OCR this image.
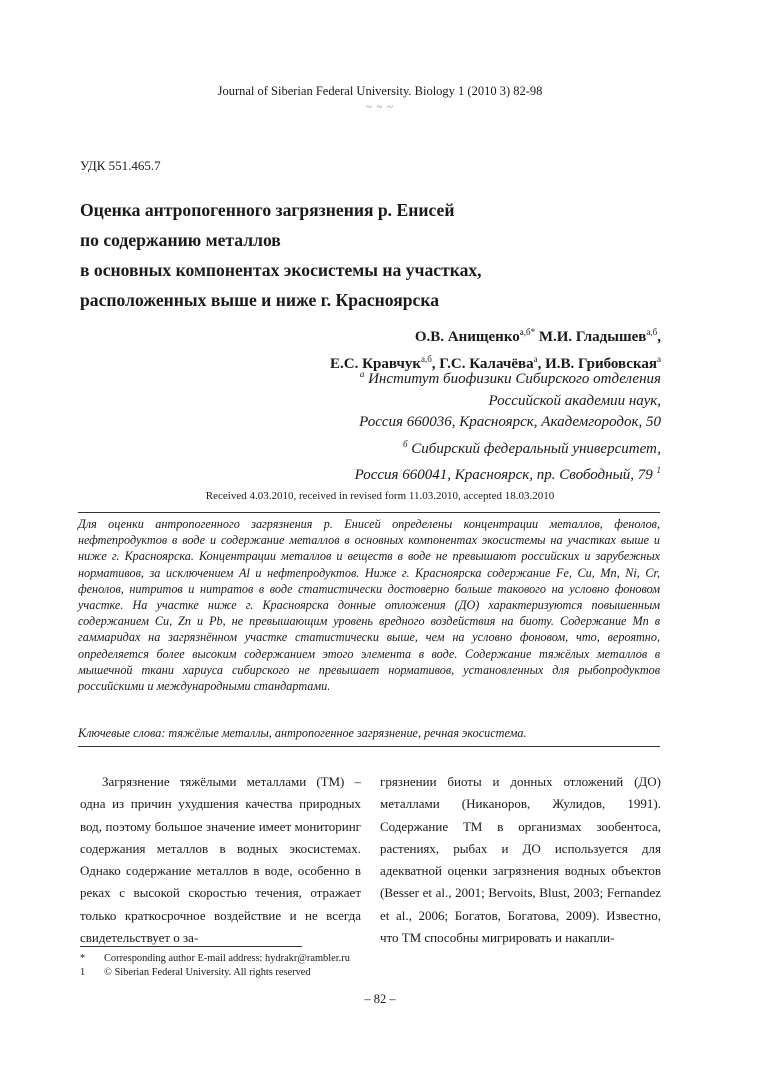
Journal of Siberian Federal University. Biology 1 (2010 3) 82-98
~ ~ ~
УДК 551.465.7
Оценка антропогенного загрязнения р. Енисей
по содержанию металлов
в основных компонентах экосистемы на участках,
расположенных выше и ниже г. Красноярска
О.В. Анищенко$^{а,б*}$ М.И. Гладышев$^{а,б}$,
Е.С. Кравчук$^{а,б}$, Г.С. Калачёва$^а$, И.В. Грибовская$^а$
$^а$ Институт биофизики Сибирского отделения
Российской академии наук,
Россия 660036, Красноярск, Академгородок, 50
$^б$ Сибирский федеральный университет,
Россия 660041, Красноярск, пр. Свободный, 79 $^1$
Received 4.03.2010, received in revised form 11.03.2010, accepted 18.03.2010

Для оценки антропогенного загрязнения р. Енисей определены концентрации металлов, фенолов, нефтепродуктов в воде и содержание металлов в основных компонентах экосистемы на участках выше и ниже г. Красноярска. Концентрации металлов и веществ в воде не превышают российских и зарубежных нормативов, за исключением Al и нефтепродуктов. Ниже г. Красноярска содержание Fe, Cu, Mn, Ni, Cr, фенолов, нитритов и нитратов в воде статистически достоверно больше таковогo на условно фоновом участке. На участке ниже г. Красноярска донные отложения (ДО) характеризуются повышенным содержанием Cu, Zn и Pb, не превышающим уровень вредного воздействия на биоту. Содержание Mn в гаммаридах на загрязнённом участке статистически выше, чем на условно фоновом, что, вероятно, определяется более высоким содержанием этого элемента в воде. Содержание тяжёлых металлов в мышечной ткани хариуса сибирского не превышает нормативов, установленных для рыбопродуктов российскими и международными стандартами.

Ключевые слова: тяжёлые металлы, антропогенное загрязнение, речная экосистема.

Загрязнение тяжёлыми металлами (ТМ) – одна из причин ухудшения качества природных вод, поэтому большое значение имеет мониторинг содержания металлов в водных экосистемах. Однако содержание металлов в воде, особенно в реках с высокой скоростью течения, отражает только краткосрочное воздействие и не всегда свидетельствует о за-

грязнении биоты и донных отложений (ДО) металлами (Никаноров, Жулидов, 1991). Содержание ТМ в организмах зообентоса, растениях, рыбах и ДО используется для адекватной оценки загрязнения водных объектов (Besser et al., 2001; Bervoits, Blust, 2003; Fernandez et al., 2006; Богатов, Богатова, 2009). Известно, что ТМ способны мигрировать и накапли-

*	Corresponding author E-mail address: hydrakr@rambler.ru
1	© Siberian Federal University. All rights reserved
– 82 –
